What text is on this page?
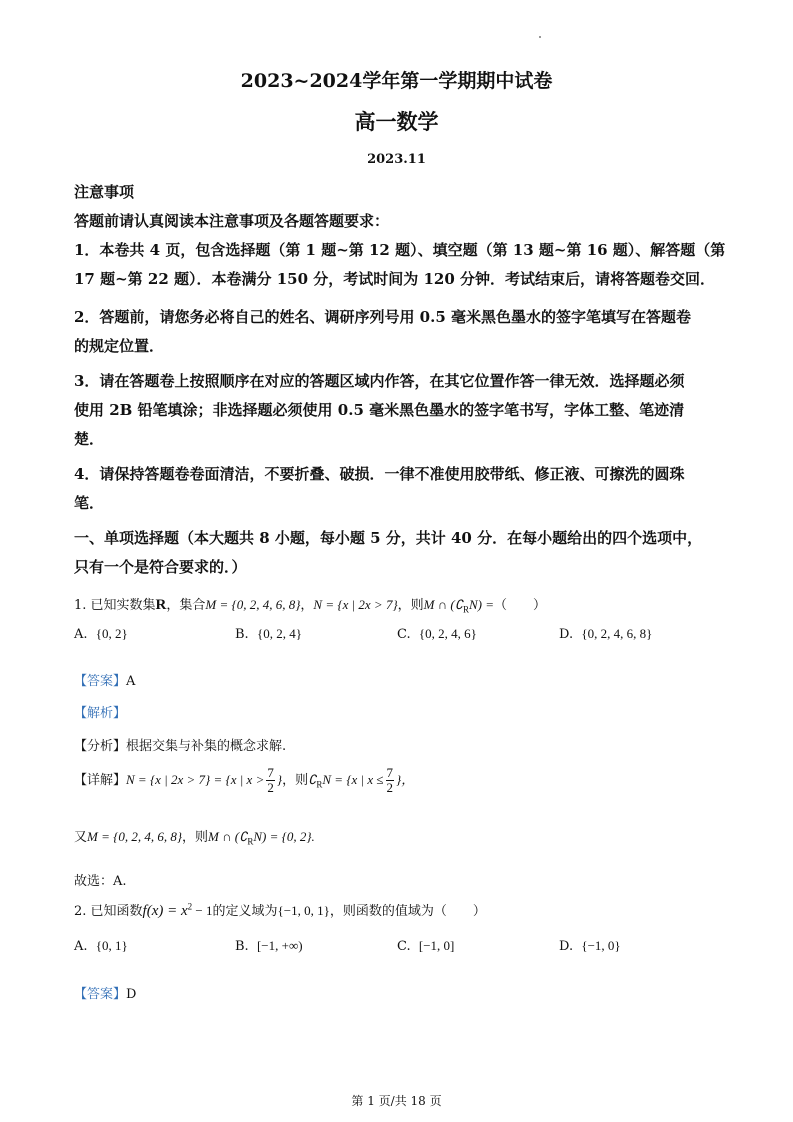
2023~2024学年第一学期期中试卷
高一数学
2023.11
注意事项
答题前请认真阅读本注意事项及各题答题要求：
1．本卷共 4 页，包含选择题（第 1 题~第 12 题）、填空题（第 13 题~第 16 题）、解答题（第
17 题~第 22 题）．本卷满分 150 分，考试时间为 120 分钟．考试结束后，请将答题卷交回．
2．答题前，请您务必将自己的姓名、调研序列号用 0.5 毫米黑色墨水的签字笔填写在答题卷
的规定位置．
3．请在答题卷上按照顺序在对应的答题区域内作答，在其它位置作答一律无效．选择题必须
使用 2B 铅笔填涂；非选择题必须使用 0.5 毫米黑色墨水的签字笔书写，字体工整、笔迹清
楚．
4．请保持答题卷卷面清洁，不要折叠、破损．一律不准使用胶带纸、修正液、可擦洗的圆珠
笔．
一、单项选择题（本大题共 8 小题，每小题 5 分，共计 40 分．在每小题给出的四个选项中，
只有一个是符合要求的．）
1. 已知实数集R，集合M = {0, 2, 4, 6, 8}，N = {x | 2x > 7}，则M ∩ $(∁_RN)$ =（　　）
A. {0, 2}	B. {0, 2, 4}	C. {0, 2, 4, 6}	D. {0, 2, 4, 6, 8}
【答案】A
【解析】
【分析】根据交集与补集的概念求解.
【详解】N = {x | 2x > 7} = {x | $x > \frac{7}{2}$ }，则$∁_RN = \{x$ | $x \le \frac{7}{2}$ }，
又M = {0, 2, 4, 6, 8}，则M ∩ $(∁_RN) = \{0$, 2}.
故选：A.
2. 已知函数$f(x) = x^2 - 1$的定义域为{−1, 0, 1}，则函数的值域为（　　）
A. {0, 1}	B. [−1, +∞)	C. [−1, 0]	D. {−1, 0}
【答案】D
第 1 页/共 18 页
